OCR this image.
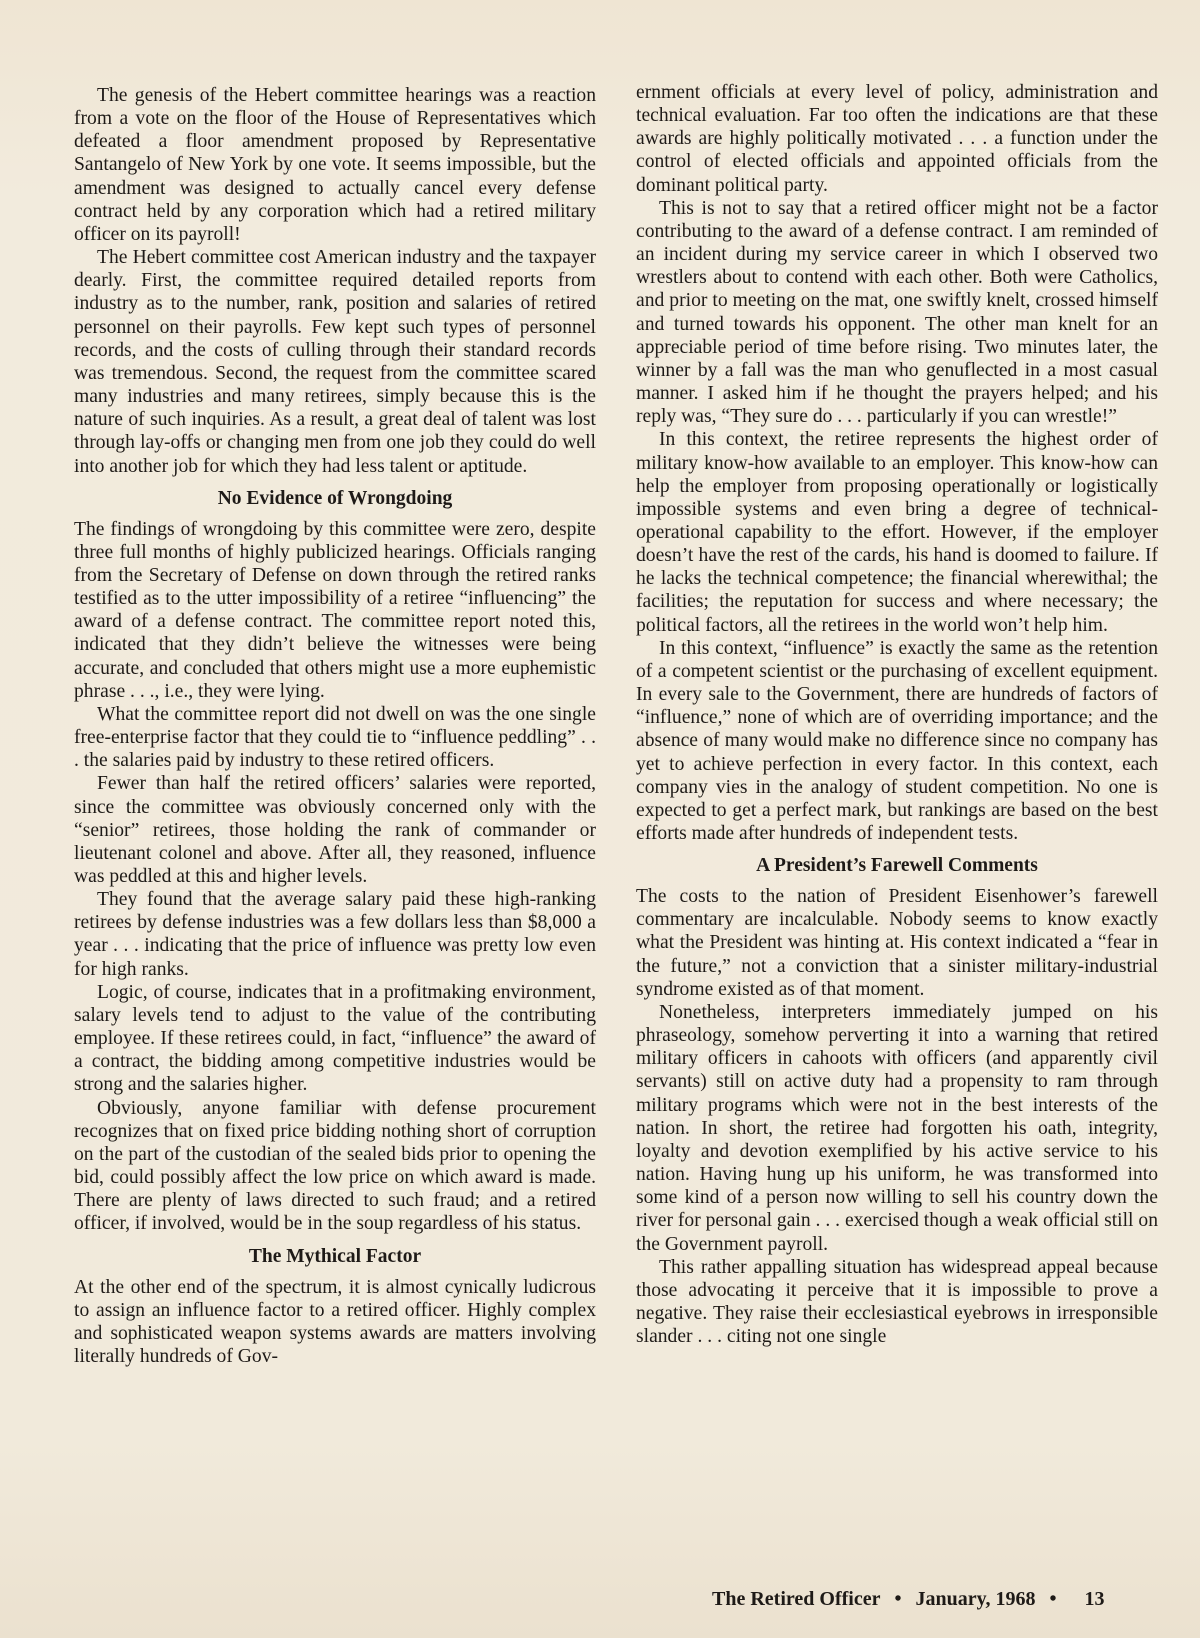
The genesis of the Hebert committee hearings was a reaction from a vote on the floor of the House of Representatives which defeated a floor amendment proposed by Representative Santangelo of New York by one vote. It seems impossible, but the amendment was designed to actually cancel every defense contract held by any corporation which had a retired military officer on its payroll!

The Hebert committee cost American industry and the taxpayer dearly. First, the committee required detailed reports from industry as to the number, rank, position and salaries of retired personnel on their payrolls. Few kept such types of personnel records, and the costs of culling through their standard records was tremendous. Second, the request from the committee scared many industries and many retirees, simply because this is the nature of such inquiries. As a result, a great deal of talent was lost through lay-offs or changing men from one job they could do well into another job for which they had less talent or aptitude.

No Evidence of Wrongdoing

The findings of wrongdoing by this committee were zero, despite three full months of highly publicized hearings. Officials ranging from the Secretary of Defense on down through the retired ranks testified as to the utter impossibility of a retiree “influencing” the award of a defense contract. The committee report noted this, indicated that they didn’t believe the witnesses were being accurate, and concluded that others might use a more euphemistic phrase . . ., i.e., they were lying.

What the committee report did not dwell on was the one single free-enterprise factor that they could tie to “influence peddling” . . . the salaries paid by industry to these retired officers.

Fewer than half the retired officers’ salaries were reported, since the committee was obviously concerned only with the “senior” retirees, those holding the rank of commander or lieutenant colonel and above. After all, they reasoned, influence was peddled at this and higher levels.

They found that the average salary paid these high-ranking retirees by defense industries was a few dollars less than $8,000 a year . . . indicating that the price of influence was pretty low even for high ranks.

Logic, of course, indicates that in a profitmaking environment, salary levels tend to adjust to the value of the contributing employee. If these retirees could, in fact, “influence” the award of a contract, the bidding among competitive industries would be strong and the salaries higher.

Obviously, anyone familiar with defense procurement recognizes that on fixed price bidding nothing short of corruption on the part of the custodian of the sealed bids prior to opening the bid, could possibly affect the low price on which award is made. There are plenty of laws directed to such fraud; and a retired officer, if involved, would be in the soup regardless of his status.

The Mythical Factor

At the other end of the spectrum, it is almost cynically ludicrous to assign an influence factor to a retired officer. Highly complex and sophisticated weapon systems awards are matters involving literally hundreds of Gov-

ernment officials at every level of policy, administration and technical evaluation. Far too often the indications are that these awards are highly politically motivated . . . a function under the control of elected officials and appointed officials from the dominant political party.

This is not to say that a retired officer might not be a factor contributing to the award of a defense contract. I am reminded of an incident during my service career in which I observed two wrestlers about to contend with each other. Both were Catholics, and prior to meeting on the mat, one swiftly knelt, crossed himself and turned towards his opponent. The other man knelt for an appreciable period of time before rising. Two minutes later, the winner by a fall was the man who genuflected in a most casual manner. I asked him if he thought the prayers helped; and his reply was, “They sure do . . . particularly if you can wrestle!”

In this context, the retiree represents the highest order of military know-how available to an employer. This know-how can help the employer from proposing operationally or logistically impossible systems and even bring a degree of technical-operational capability to the effort. However, if the employer doesn’t have the rest of the cards, his hand is doomed to failure. If he lacks the technical competence; the financial wherewithal; the facilities; the reputation for success and where necessary; the political factors, all the retirees in the world won’t help him.

In this context, “influence” is exactly the same as the retention of a competent scientist or the purchasing of excellent equipment. In every sale to the Government, there are hundreds of factors of “influence,” none of which are of overriding importance; and the absence of many would make no difference since no company has yet to achieve perfection in every factor. In this context, each company vies in the analogy of student competition. No one is expected to get a perfect mark, but rankings are based on the best efforts made after hundreds of independent tests.

A President’s Farewell Comments

The costs to the nation of President Eisenhower’s farewell commentary are incalculable. Nobody seems to know exactly what the President was hinting at. His context indicated a “fear in the future,” not a conviction that a sinister military-industrial syndrome existed as of that moment.

Nonetheless, interpreters immediately jumped on his phraseology, somehow perverting it into a warning that retired military officers in cahoots with officers (and apparently civil servants) still on active duty had a propensity to ram through military programs which were not in the best interests of the nation. In short, the retiree had forgotten his oath, integrity, loyalty and devotion exemplified by his active service to his nation. Having hung up his uniform, he was transformed into some kind of a person now willing to sell his country down the river for personal gain . . . exercised though a weak official still on the Government payroll.

This rather appalling situation has widespread appeal because those advocating it perceive that it is impossible to prove a negative. They raise their ecclesiastical eyebrows in irresponsible slander . . . citing not one single

The Retired Officer • January, 1968 • 13
